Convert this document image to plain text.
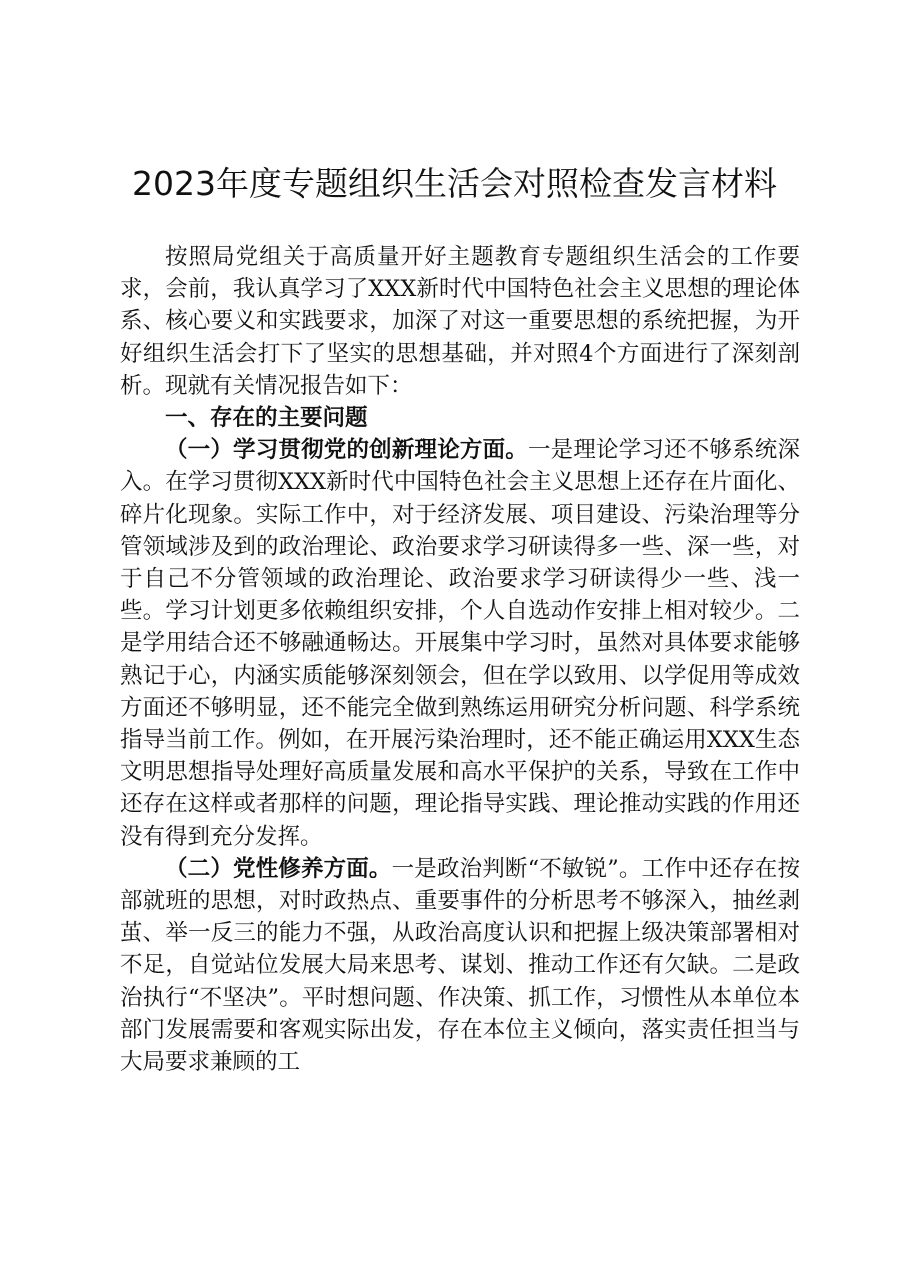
2023年度专题组织生活会对照检查发言材料

按照局党组关于高质量开好主题教育专题组织生活会的工作要求，会前，我认真学习了XXX新时代中国特色社会主义思想的理论体系、核心要义和实践要求，加深了对这一重要思想的系统把握，为开好组织生活会打下了坚实的思想基础，并对照4个方面进行了深刻剖析。现就有关情况报告如下：

一、存在的主要问题

（一）学习贯彻党的创新理论方面。一是理论学习还不够系统深入。在学习贯彻XXX新时代中国特色社会主义思想上还存在片面化、碎片化现象。实际工作中，对于经济发展、项目建设、污染治理等分管领域涉及到的政治理论、政治要求学习研读得多一些、深一些，对于自己不分管领域的政治理论、政治要求学习研读得少一些、浅一些。学习计划更多依赖组织安排，个人自选动作安排上相对较少。二是学用结合还不够融通畅达。开展集中学习时，虽然对具体要求能够熟记于心，内涵实质能够深刻领会，但在学以致用、以学促用等成效方面还不够明显，还不能完全做到熟练运用研究分析问题、科学系统指导当前工作。例如，在开展污染治理时，还不能正确运用XXX生态文明思想指导处理好高质量发展和高水平保护的关系，导致在工作中还存在这样或者那样的问题，理论指导实践、理论推动实践的作用还没有得到充分发挥。

（二）党性修养方面。一是政治判断“不敏锐”。工作中还存在按部就班的思想，对时政热点、重要事件的分析思考不够深入，抽丝剥茧、举一反三的能力不强，从政治高度认识和把握上级决策部署相对不足，自觉站位发展大局来思考、谋划、推动工作还有欠缺。二是政治执行“不坚决”。平时想问题、作决策、抓工作，习惯性从本单位本部门发展需要和客观实际出发，存在本位主义倾向，落实责任担当与大局要求兼顾的工
